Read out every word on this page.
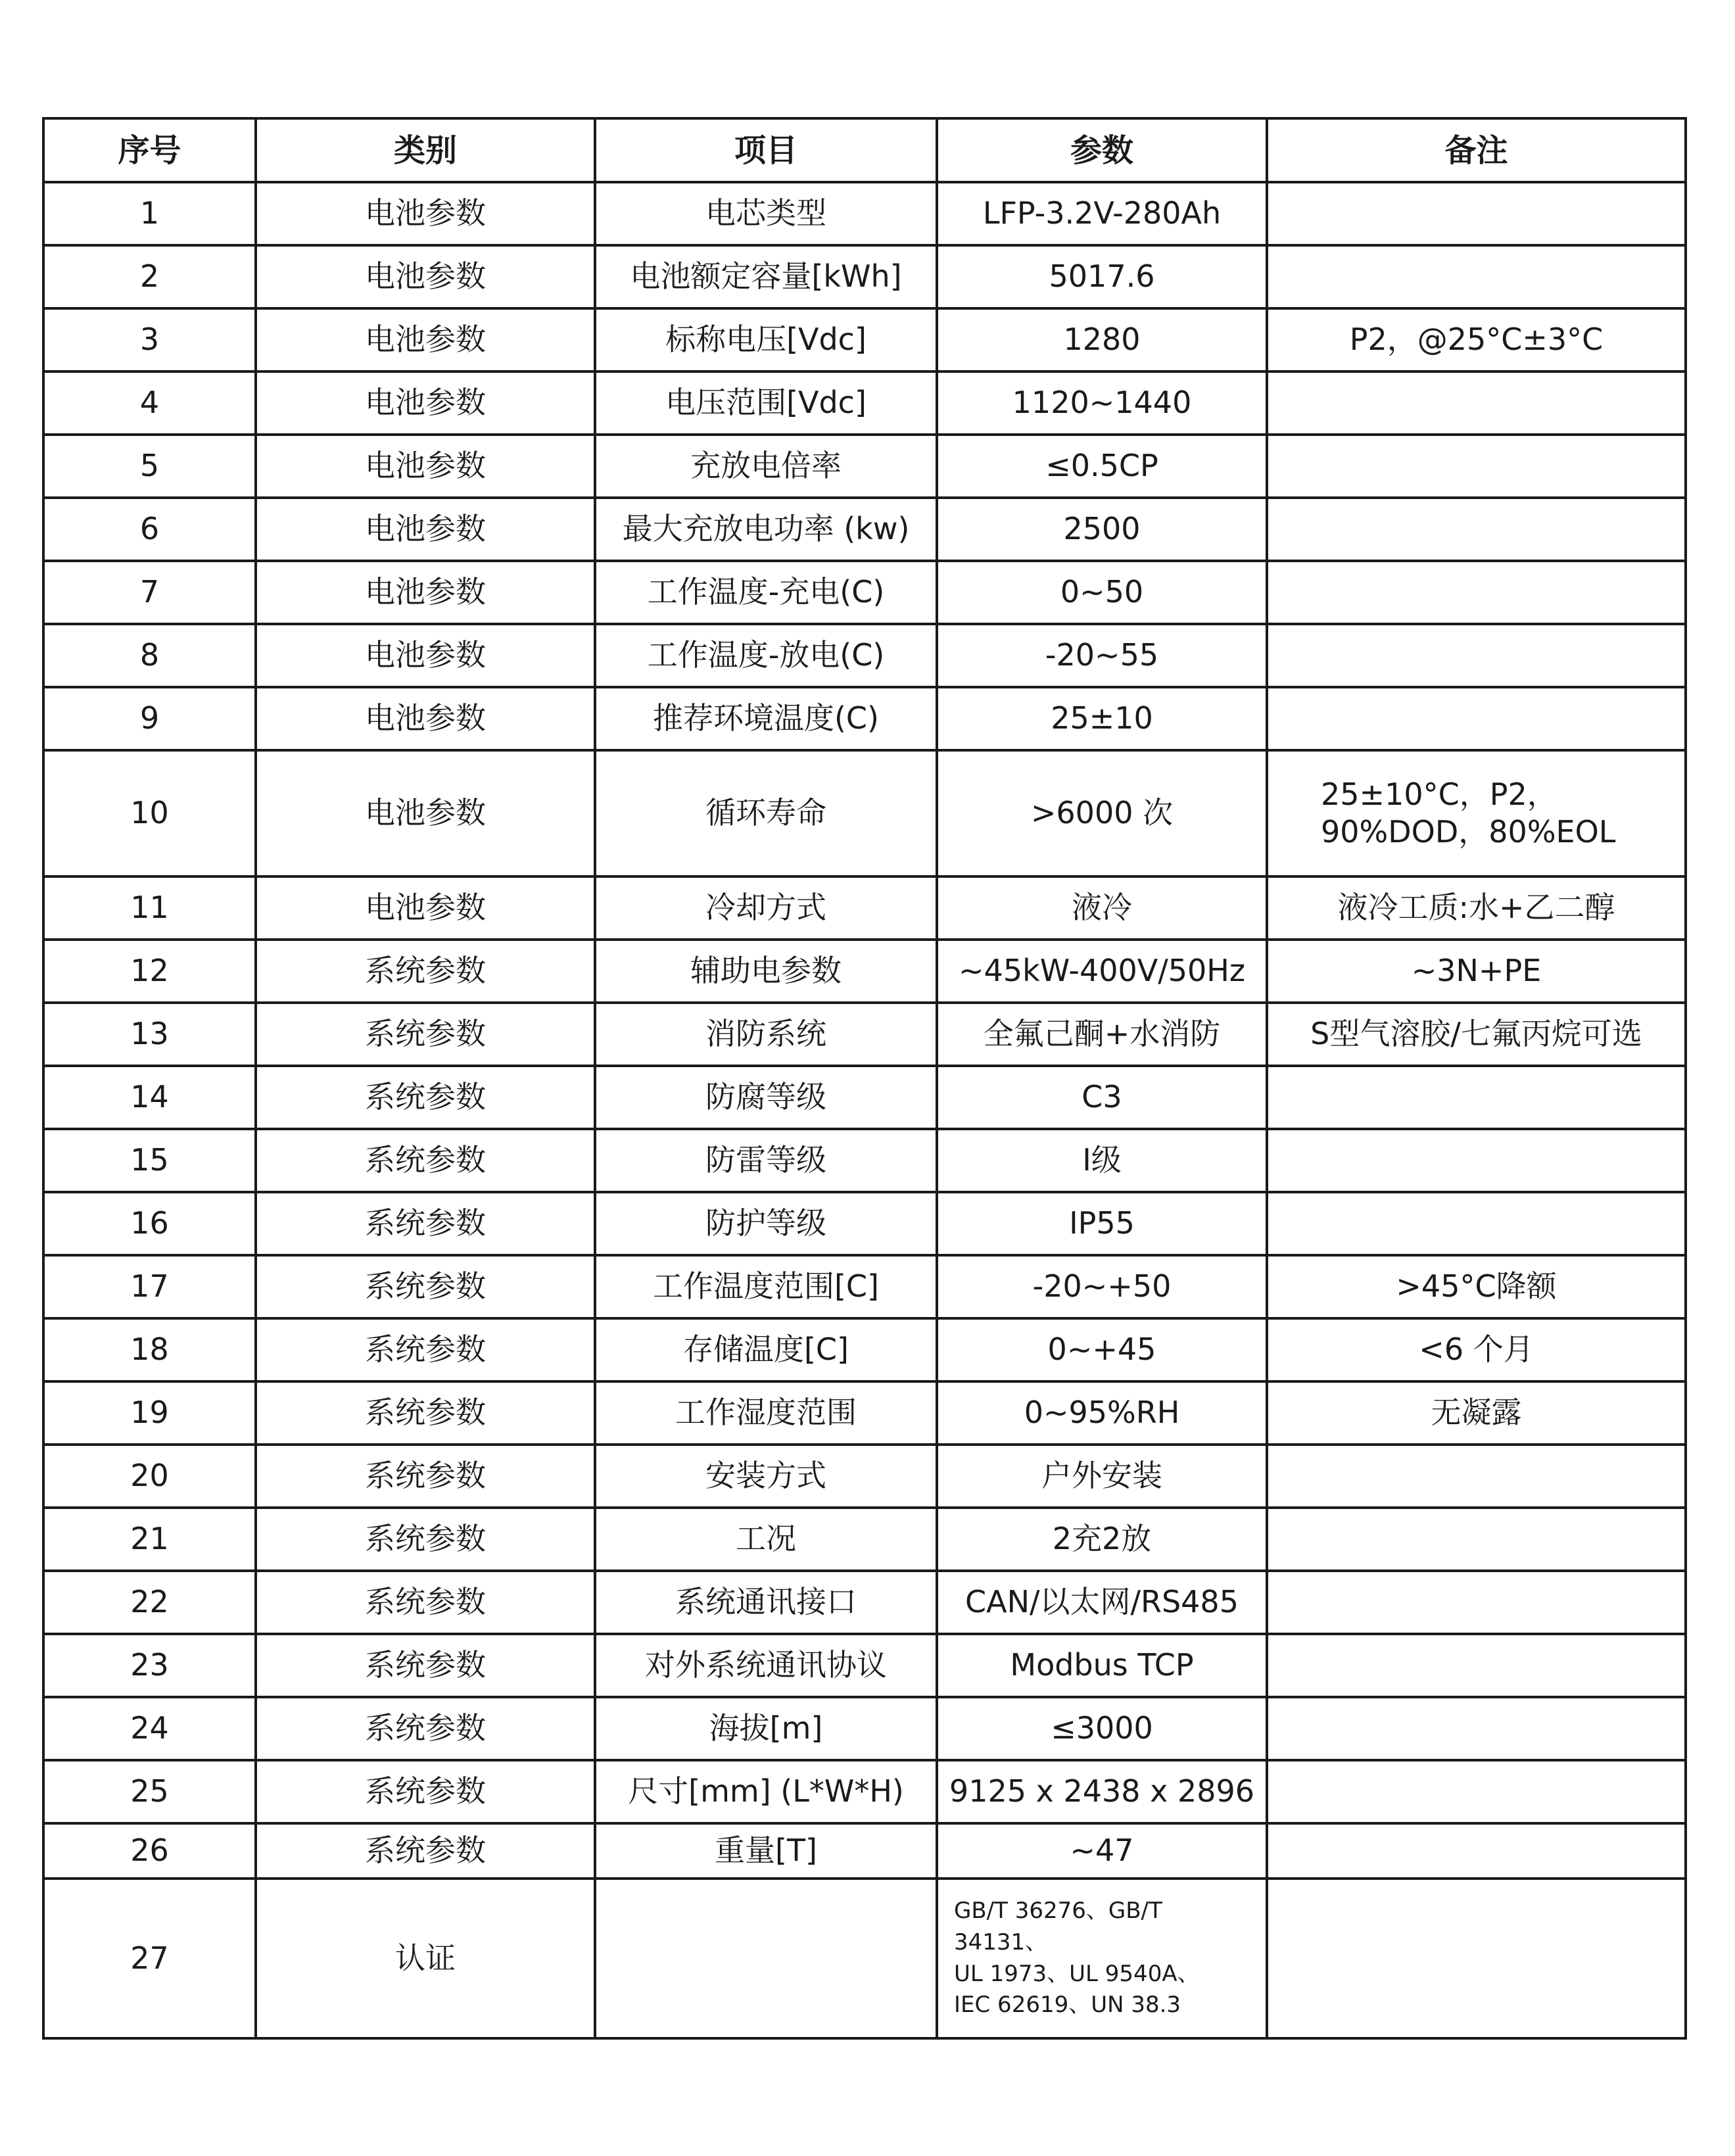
序号	类别	项目	参数	备注
1	电池参数	电芯类型	LFP-3.2V-280Ah	
2	电池参数	电池额定容量[kWh]	5017.6	
3	电池参数	标称电压[Vdc]	1280	P2，@25°C±3°C
4	电池参数	电压范围[Vdc]	1120~1440	
5	电池参数	充放电倍率	≤0.5CP	
6	电池参数	最大充放电功率 (kw)	2500	
7	电池参数	工作温度-充电(C)	0~50	
8	电池参数	工作温度-放电(C)	-20~55	
9	电池参数	推荐环境温度(C)	25±10	
10	电池参数	循环寿命	>6000 次	25±10°C，P2，
90%DOD，80%EOL

11	电池参数	冷却方式	液冷	液冷工质:水+乙二醇
12	系统参数	辅助电参数	~45kW-400V/50Hz	~3N+PE
13	系统参数	消防系统	全氟己酮+水消防	S型气溶胶/七氟丙烷可选
14	系统参数	防腐等级	C3	
15	系统参数	防雷等级	I级	
16	系统参数	防护等级	IP55	
17	系统参数	工作温度范围[C]	-20~+50	>45°C降额
18	系统参数	存储温度[C]	0~+45	<6 个月
19	系统参数	工作湿度范围	0~95%RH	无凝露
20	系统参数	安装方式	户外安装	
21	系统参数	工况	2充2放	
22	系统参数	系统通讯接口	CAN/以太网/RS485	
23	系统参数	对外系统通讯协议	Modbus TCP	
24	系统参数	海拔[m]	≤3000	
25	系统参数	尺寸[mm] (L*W*H)	9125 x 2438 x 2896	
26	系统参数	重量[T]	~47	
27	认证		GB/T 36276、GB/T 34131、
UL 1973、UL 9540A、
IEC 62619、UN 38.3	
